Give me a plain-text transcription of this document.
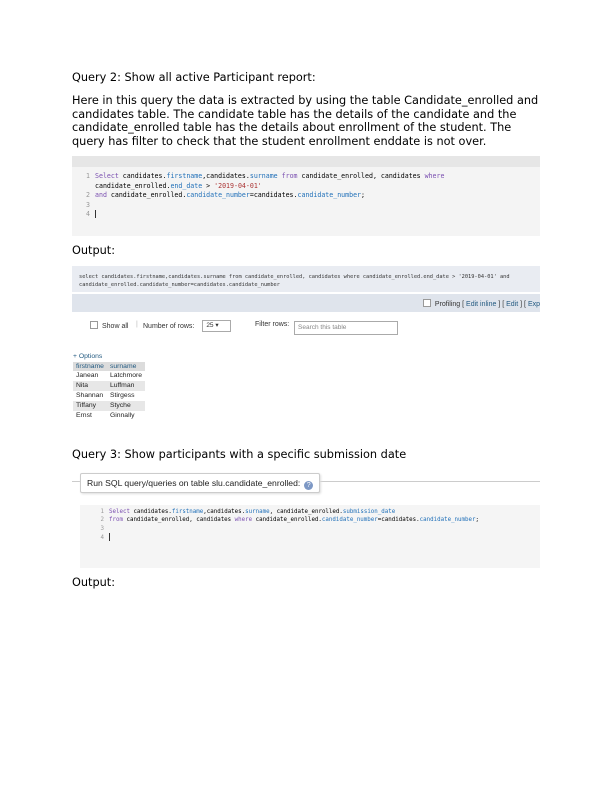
Query 2: Show all active Participant report:

Here in this query the data is extracted by using the table Candidate_enrolled and candidates table. The candidate table has the details of the candidate and the candidate_enrolled table has the details about enrollment of the student. The query has filter to check that the student enrollment enddate is not over.

1 Select candidates.firstname,candidates.surname from candidate_enrolled, candidates where
candidate_enrolled.end_date > '2019-04-01'
2 and candidate_enrolled.candidate_number=candidates.candidate_number;
3
4

Output:

select candidates.firstname,candidates.surname from candidate_enrolled, candidates where candidate_enrolled.end_date > '2019-04-01' and
candidate_enrolled.candidate_number=candidates.candidate_number
Profiling [ Edit inline ] [ Edit ] [ Exp
Show all | Number of rows: 25 ▾	Filter rows:	Search this table
+ Options
firstname	surname
Janean	Latchmore
Nita	Luffman
Shannan	Stirgess
Tiffany	Styche
Ernst	Ginnally

Query 3: Show participants with a specific submission date

Run SQL query/queries on table slu.candidate_enrolled: ?
1 Select candidates.firstname,candidates.surname, candidate_enrolled.submission_date
2 from candidate_enrolled, candidates where candidate_enrolled.candidate_number=candidates.candidate_number;
3
4

Output:
